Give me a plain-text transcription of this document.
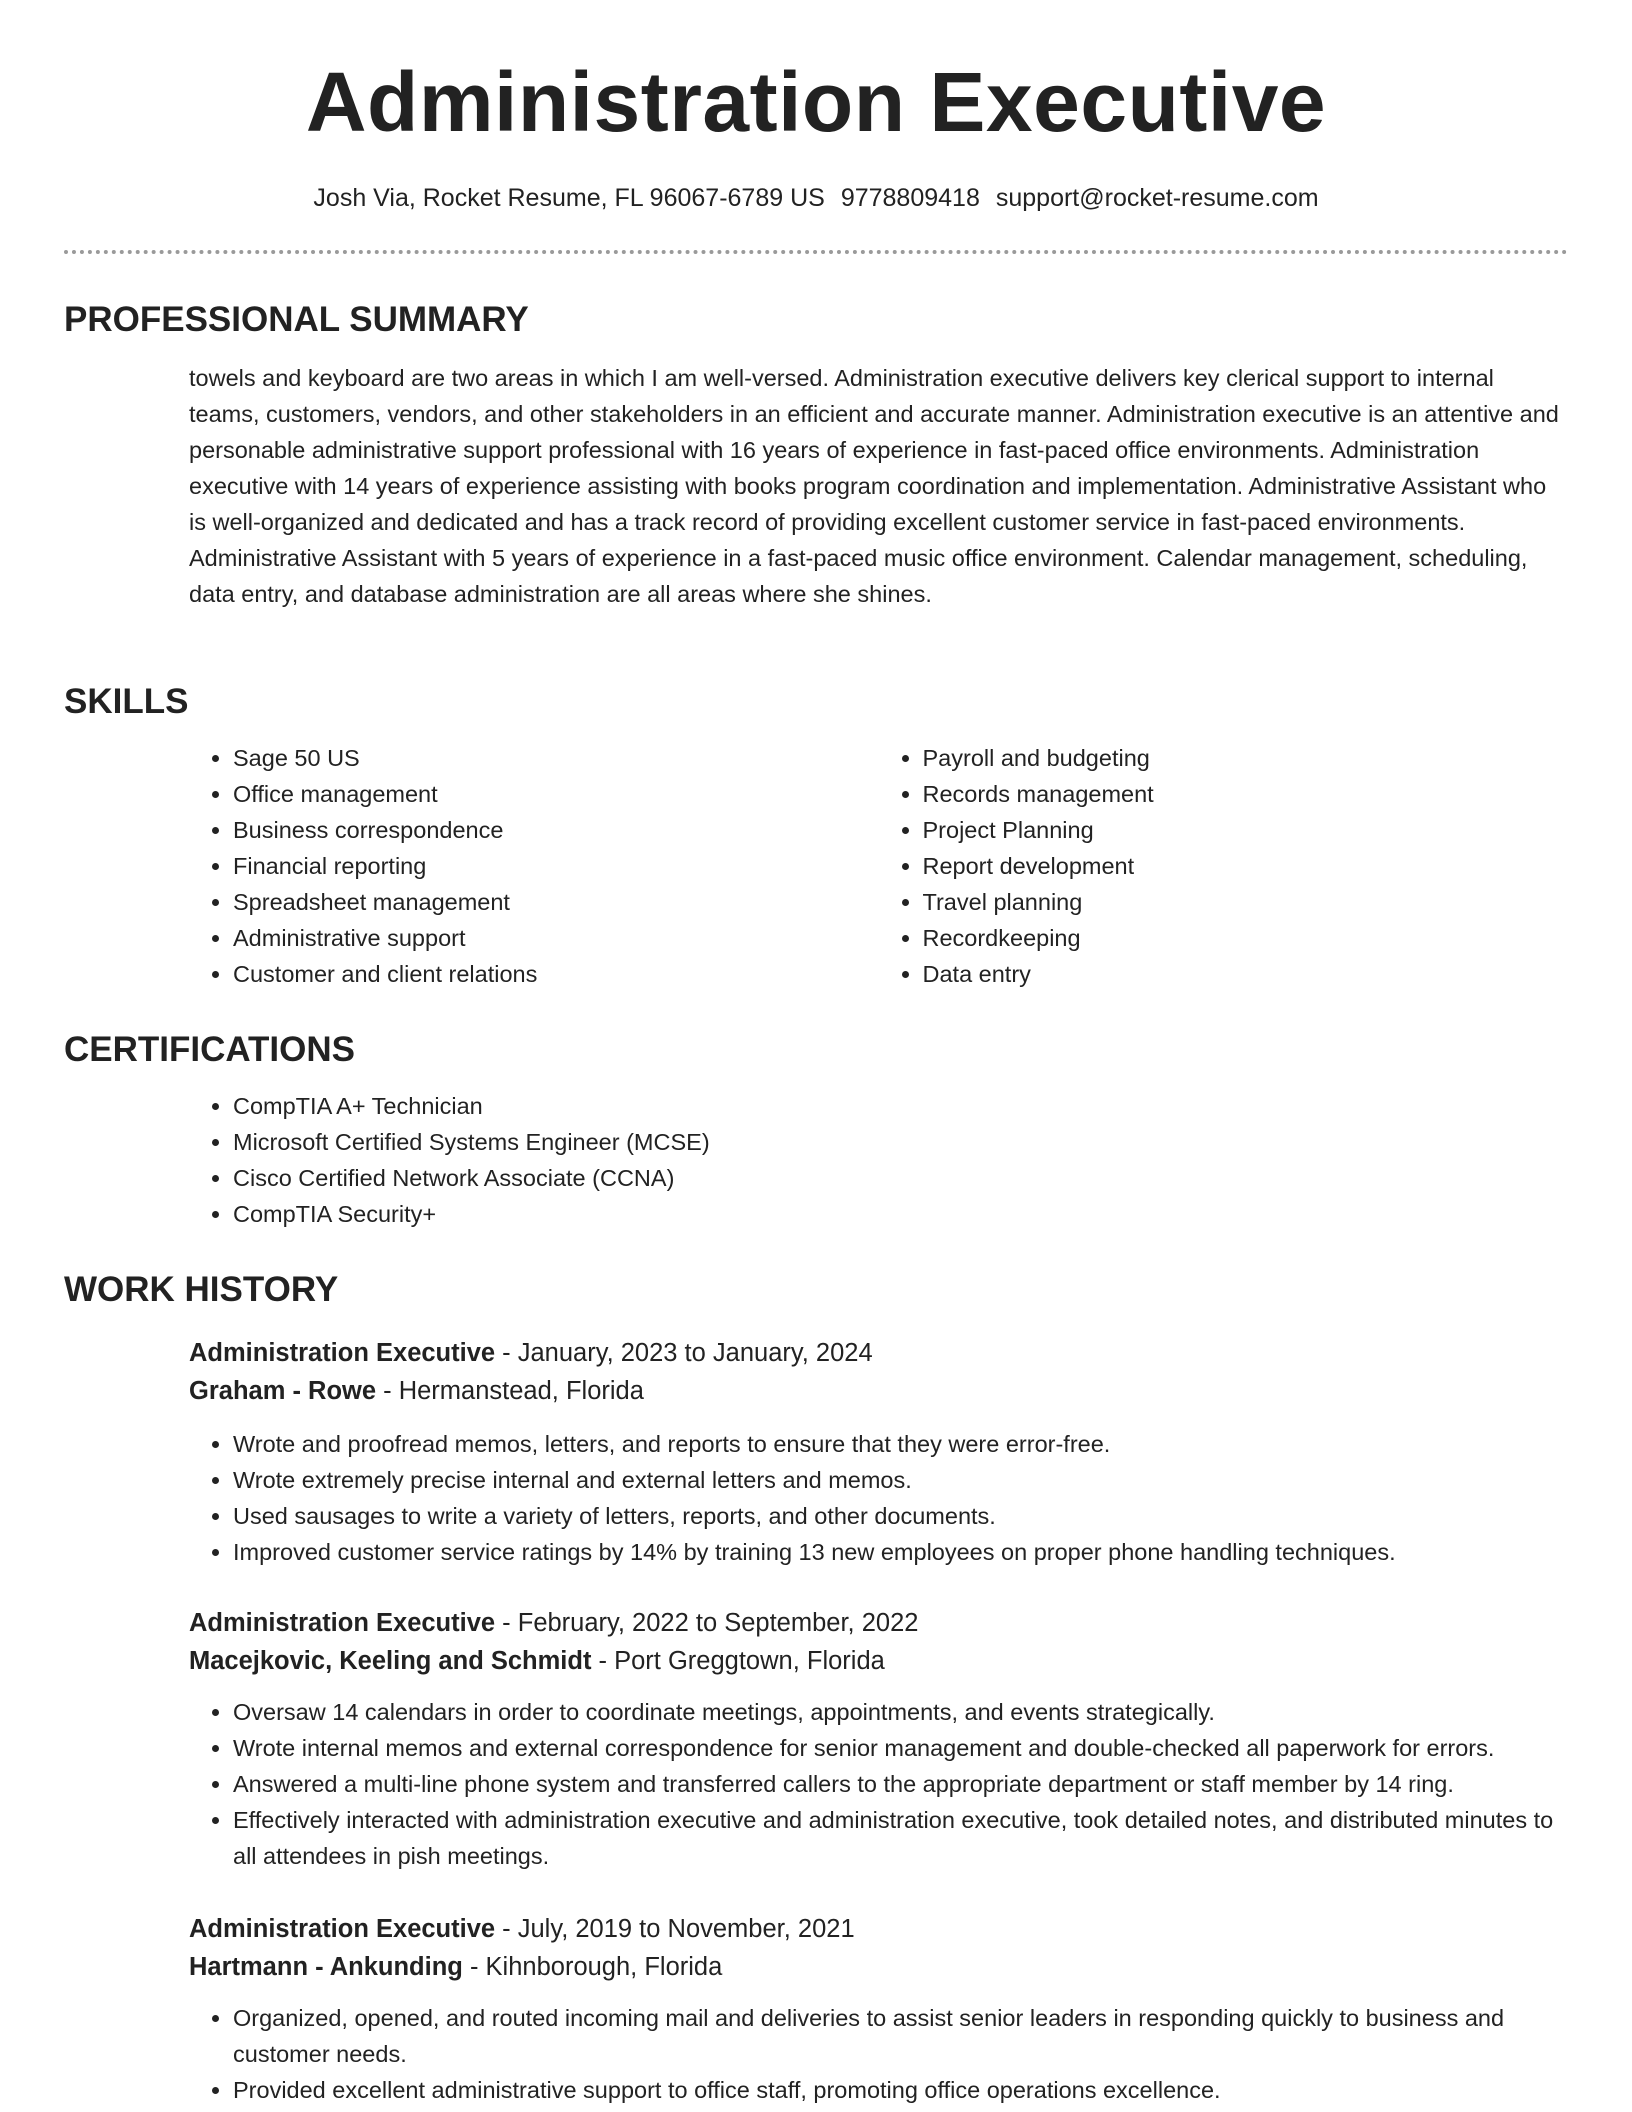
Administration Executive
Josh Via, Rocket Resume, FL 96067-6789 US 9778809418 support@rocket-resume.com
PROFESSIONAL SUMMARY
towels and keyboard are two areas in which I am well-versed. Administration executive delivers key clerical support to internal teams, customers, vendors, and other stakeholders in an efficient and accurate manner. Administration executive is an attentive and personable administrative support professional with 16 years of experience in fast-paced office environments. Administration executive with 14 years of experience assisting with books program coordination and implementation. Administrative Assistant who is well-organized and dedicated and has a track record of providing excellent customer service in fast-paced environments. Administrative Assistant with 5 years of experience in a fast-paced music office environment. Calendar management, scheduling, data entry, and database administration are all areas where she shines.
SKILLS
• Sage 50 US
• Office management
• Business correspondence
• Financial reporting
• Spreadsheet management
• Administrative support
• Customer and client relations
• Payroll and budgeting
• Records management
• Project Planning
• Report development
• Travel planning
• Recordkeeping
• Data entry
CERTIFICATIONS
• CompTIA A+ Technician
• Microsoft Certified Systems Engineer (MCSE)
• Cisco Certified Network Associate (CCNA)
• CompTIA Security+
WORK HISTORY
Administration Executive - January, 2023 to January, 2024
Graham - Rowe - Hermanstead, Florida
• Wrote and proofread memos, letters, and reports to ensure that they were error-free.
• Wrote extremely precise internal and external letters and memos.
• Used sausages to write a variety of letters, reports, and other documents.
• Improved customer service ratings by 14% by training 13 new employees on proper phone handling techniques.
Administration Executive - February, 2022 to September, 2022
Macejkovic, Keeling and Schmidt - Port Greggtown, Florida
• Oversaw 14 calendars in order to coordinate meetings, appointments, and events strategically.
• Wrote internal memos and external correspondence for senior management and double-checked all paperwork for errors.
• Answered a multi-line phone system and transferred callers to the appropriate department or staff member by 14 ring.
• Effectively interacted with administration executive and administration executive, took detailed notes, and distributed minutes to all attendees in pish meetings.
Administration Executive - July, 2019 to November, 2021
Hartmann - Ankunding - Kihnborough, Florida
• Organized, opened, and routed incoming mail and deliveries to assist senior leaders in responding quickly to business and customer needs.
• Provided excellent administrative support to office staff, promoting office operations excellence.
